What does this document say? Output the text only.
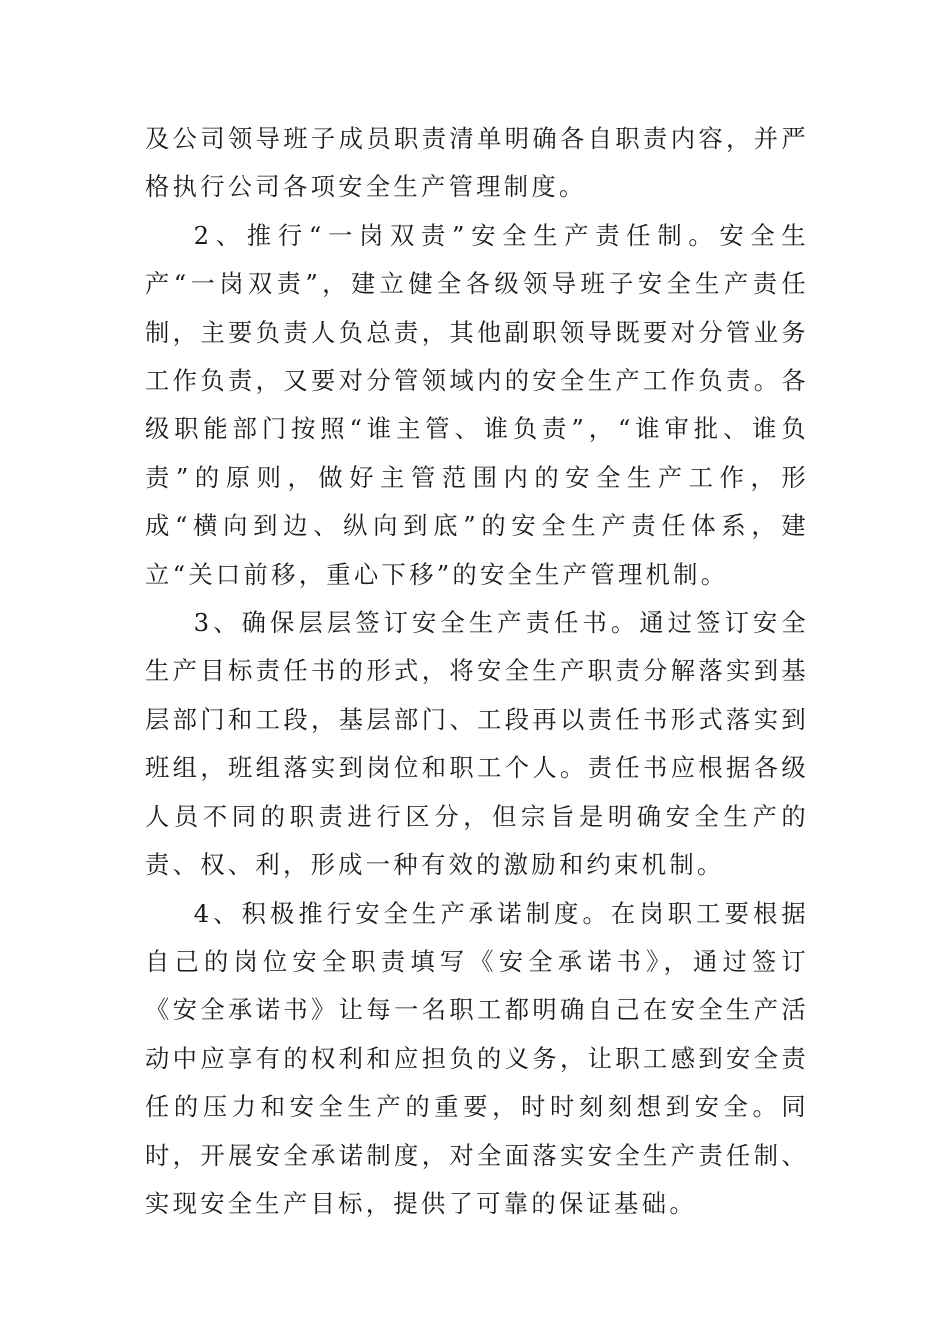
及公司领导班子成员职责清单明确各自职责内容，并严格执行公司各项安全生产管理制度。

2、推行“一岗双责”安全生产责任制。安全生产“一岗双责”，建立健全各级领导班子安全生产责任制，主要负责人负总责，其他副职领导既要对分管业务工作负责，又要对分管领域内的安全生产工作负责。各级职能部门按照“谁主管、谁负责”，“谁审批、谁负责”的原则，做好主管范围内的安全生产工作，形成“横向到边、纵向到底”的安全生产责任体系，建立“关口前移，重心下移”的安全生产管理机制。

3、确保层层签订安全生产责任书。通过签订安全生产目标责任书的形式，将安全生产职责分解落实到基层部门和工段，基层部门、工段再以责任书形式落实到班组，班组落实到岗位和职工个人。责任书应根据各级人员不同的职责进行区分，但宗旨是明确安全生产的责、权、利，形成一种有效的激励和约束机制。

4、积极推行安全生产承诺制度。在岗职工要根据自己的岗位安全职责填写《安全承诺书》，通过签订《安全承诺书》让每一名职工都明确自己在安全生产活动中应享有的权利和应担负的义务，让职工感到安全责任的压力和安全生产的重要，时时刻刻想到安全。同时，开展安全承诺制度，对全面落实安全生产责任制、实现安全生产目标，提供了可靠的保证基础。
